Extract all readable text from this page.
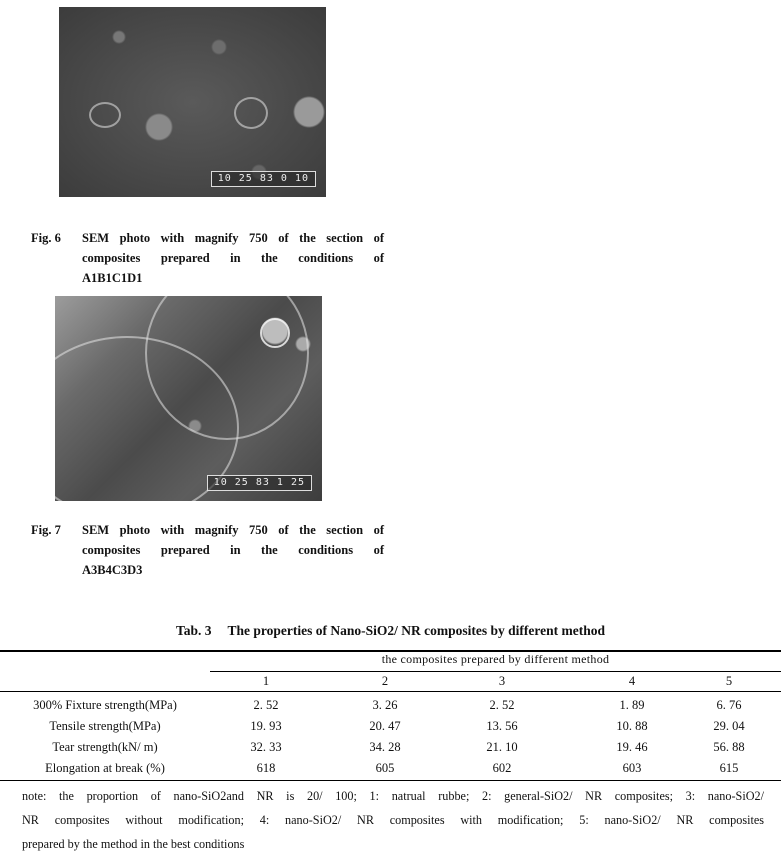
10 25 83 0 10
Fig. 6 SEM photo with magnify 750 of the section of
composites prepared in the conditions of
A1B1C1D1
10 25 83 1 25
Fig. 7 SEM photo with magnify 750 of the section of
composites prepared in the conditions of
A3B4C3D3
Tab. 3 The properties of Nano-SiO2/ NR composites by different method
the composites prepared by different method
1	2	3	4	5
300% Fixture strength(MPa)	2. 52	3. 26	2. 52	1. 89	6. 76
Tensile strength(MPa)	19. 93	20. 47	13. 56	10. 88	29. 04
Tear strength(kN/ m)	32. 33	34. 28	21. 10	19. 46	56. 88
Elongation at break (%)	618	605	602	603	615
note: the proportion of nano-SiO2and NR is 20/ 100; 1: natrual rubbe; 2: general-SiO2/ NR composites; 3: nano-SiO2/
NR composites without modification; 4: nano-SiO2/ NR composites with modification; 5: nano-SiO2/ NR composites
prepared by the method in the best conditions
